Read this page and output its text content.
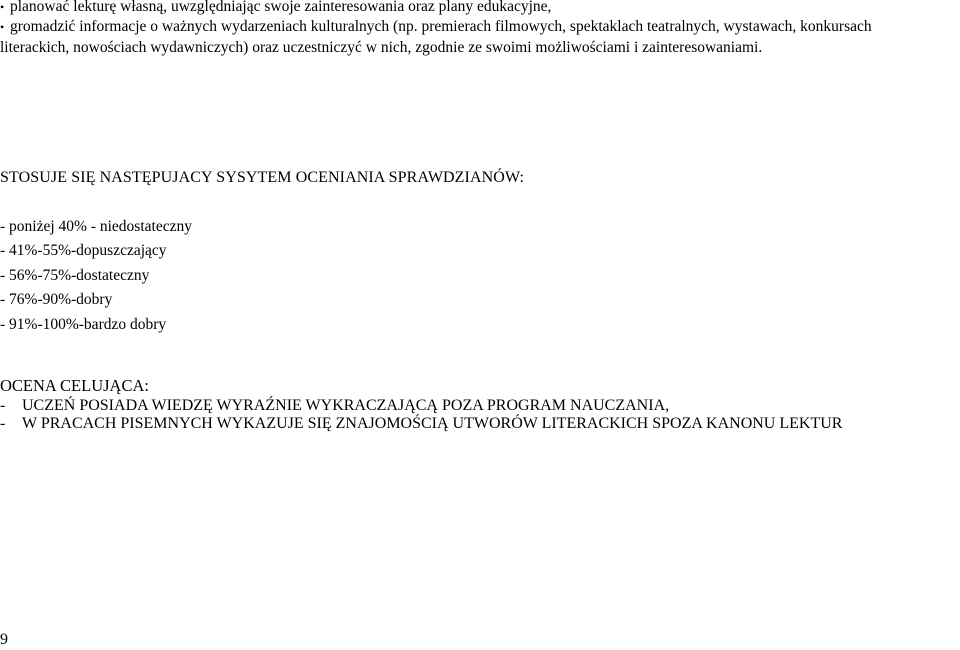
• planować lekturę własną, uwzględniając swoje zainteresowania oraz plany edukacyjne,
• gromadzić informacje o ważnych wydarzeniach kulturalnych (np. premierach filmowych, spektaklach teatralnych, wystawach, konkursach
literackich, nowościach wydawniczych) oraz uczestniczyć w nich, zgodnie ze swoimi możliwościami i zainteresowaniami.
STOSUJE SIĘ NASTĘPUJACY SYSYTEM OCENIANIA SPRAWDZIANÓW:
- poniżej 40% - niedostateczny
- 41%-55%-dopuszczający
- 56%-75%-dostateczny
- 76%-90%-dobry
- 91%-100%-bardzo dobry
OCENA CELUJĄCA:
- UCZEŃ POSIADA WIEDZĘ WYRAŹNIE WYKRACZAJĄCĄ POZA PROGRAM NAUCZANIA,
- W PRACACH PISEMNYCH WYKAZUJE SIĘ ZNAJOMOŚCIĄ UTWORÓW LITERACKICH SPOZA KANONU LEKTUR
9
